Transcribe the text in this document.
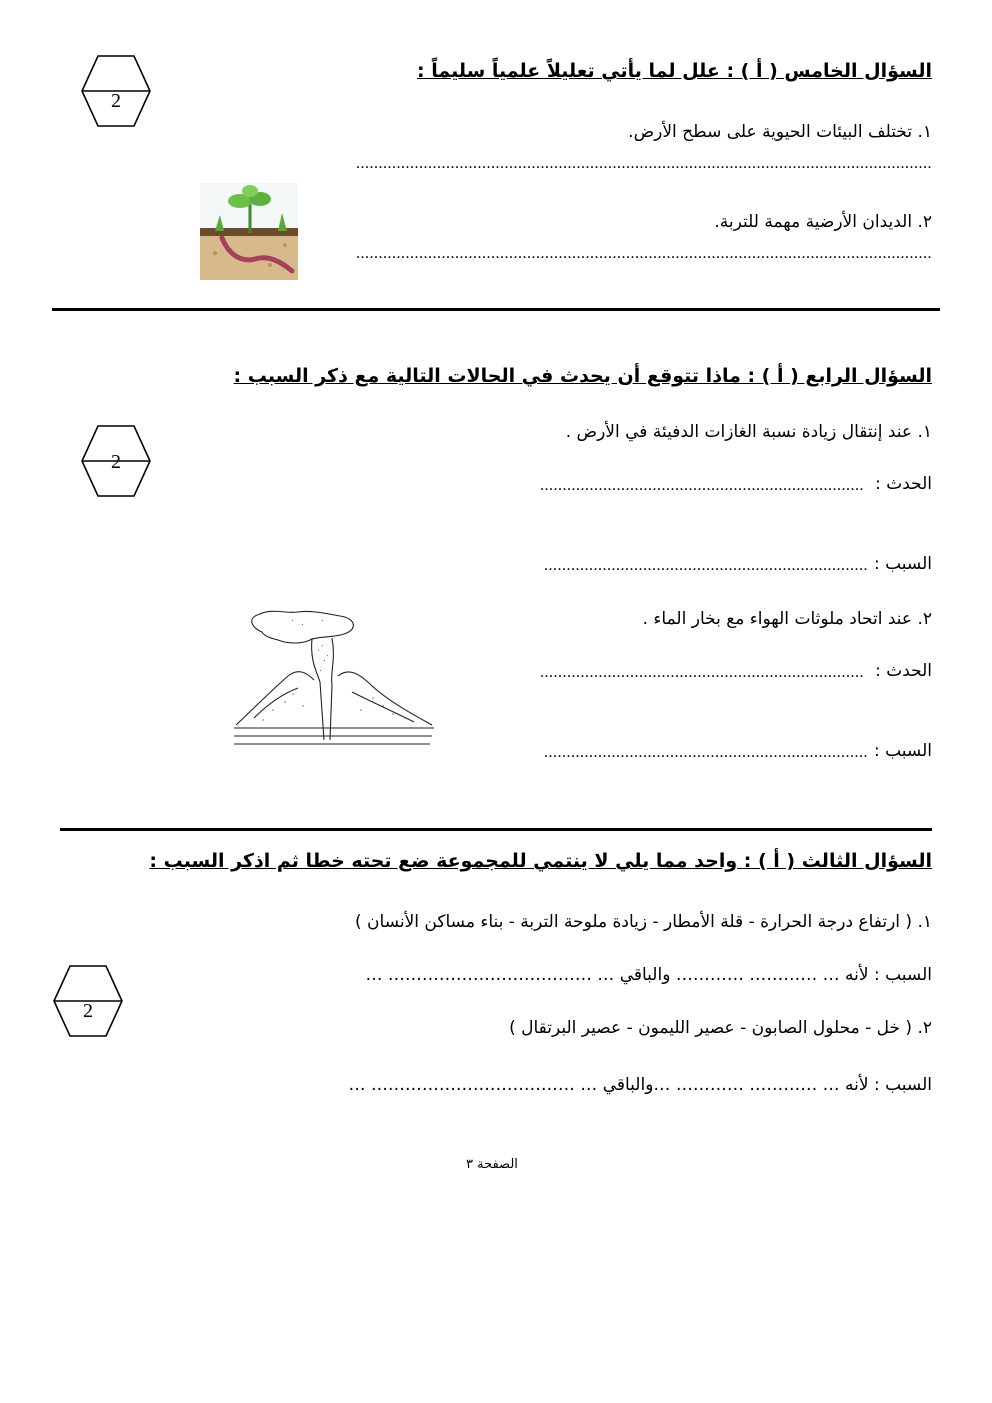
2
السؤال الخامس ( أ ) : علل لما يأتي تعليلاً علمياً سليماً :
١. تختلف البيئات الحيوية على سطح الأرض.
................................................................................................................................
٢. الديدان الأرضية مهمة للتربة.
................................................................................................................................
السؤال الرابع ( أ ) : ماذا تتوقع أن يحدث في الحالات التالية مع ذكر السبب :
2
١. عند إنتقال زيادة نسبة الغازات الدفيئة في الأرض .
الحدث :
........................................................................
السبب :
........................................................................
٢. عند اتحاد ملوثات الهواء مع بخار الماء .
الحدث :
........................................................................
السبب :
........................................................................
السؤال الثالث ( أ ) : واحد مما يلي لا ينتمي للمجموعة ضع تحته خطا ثم اذكر السبب :
١. ( ارتفاع درجة الحرارة - قلة الأمطار - زيادة ملوحة التربة - بناء مساكن الأنسان )
السبب : لأنه … ………… ………… والباقي … ……………………………… …
2
٢. ( خل - محلول الصابون - عصير الليمون - عصير البرتقال )
السبب : لأنه … ………… ………… …والباقي … ……………………………… …
الصفحة ٣
